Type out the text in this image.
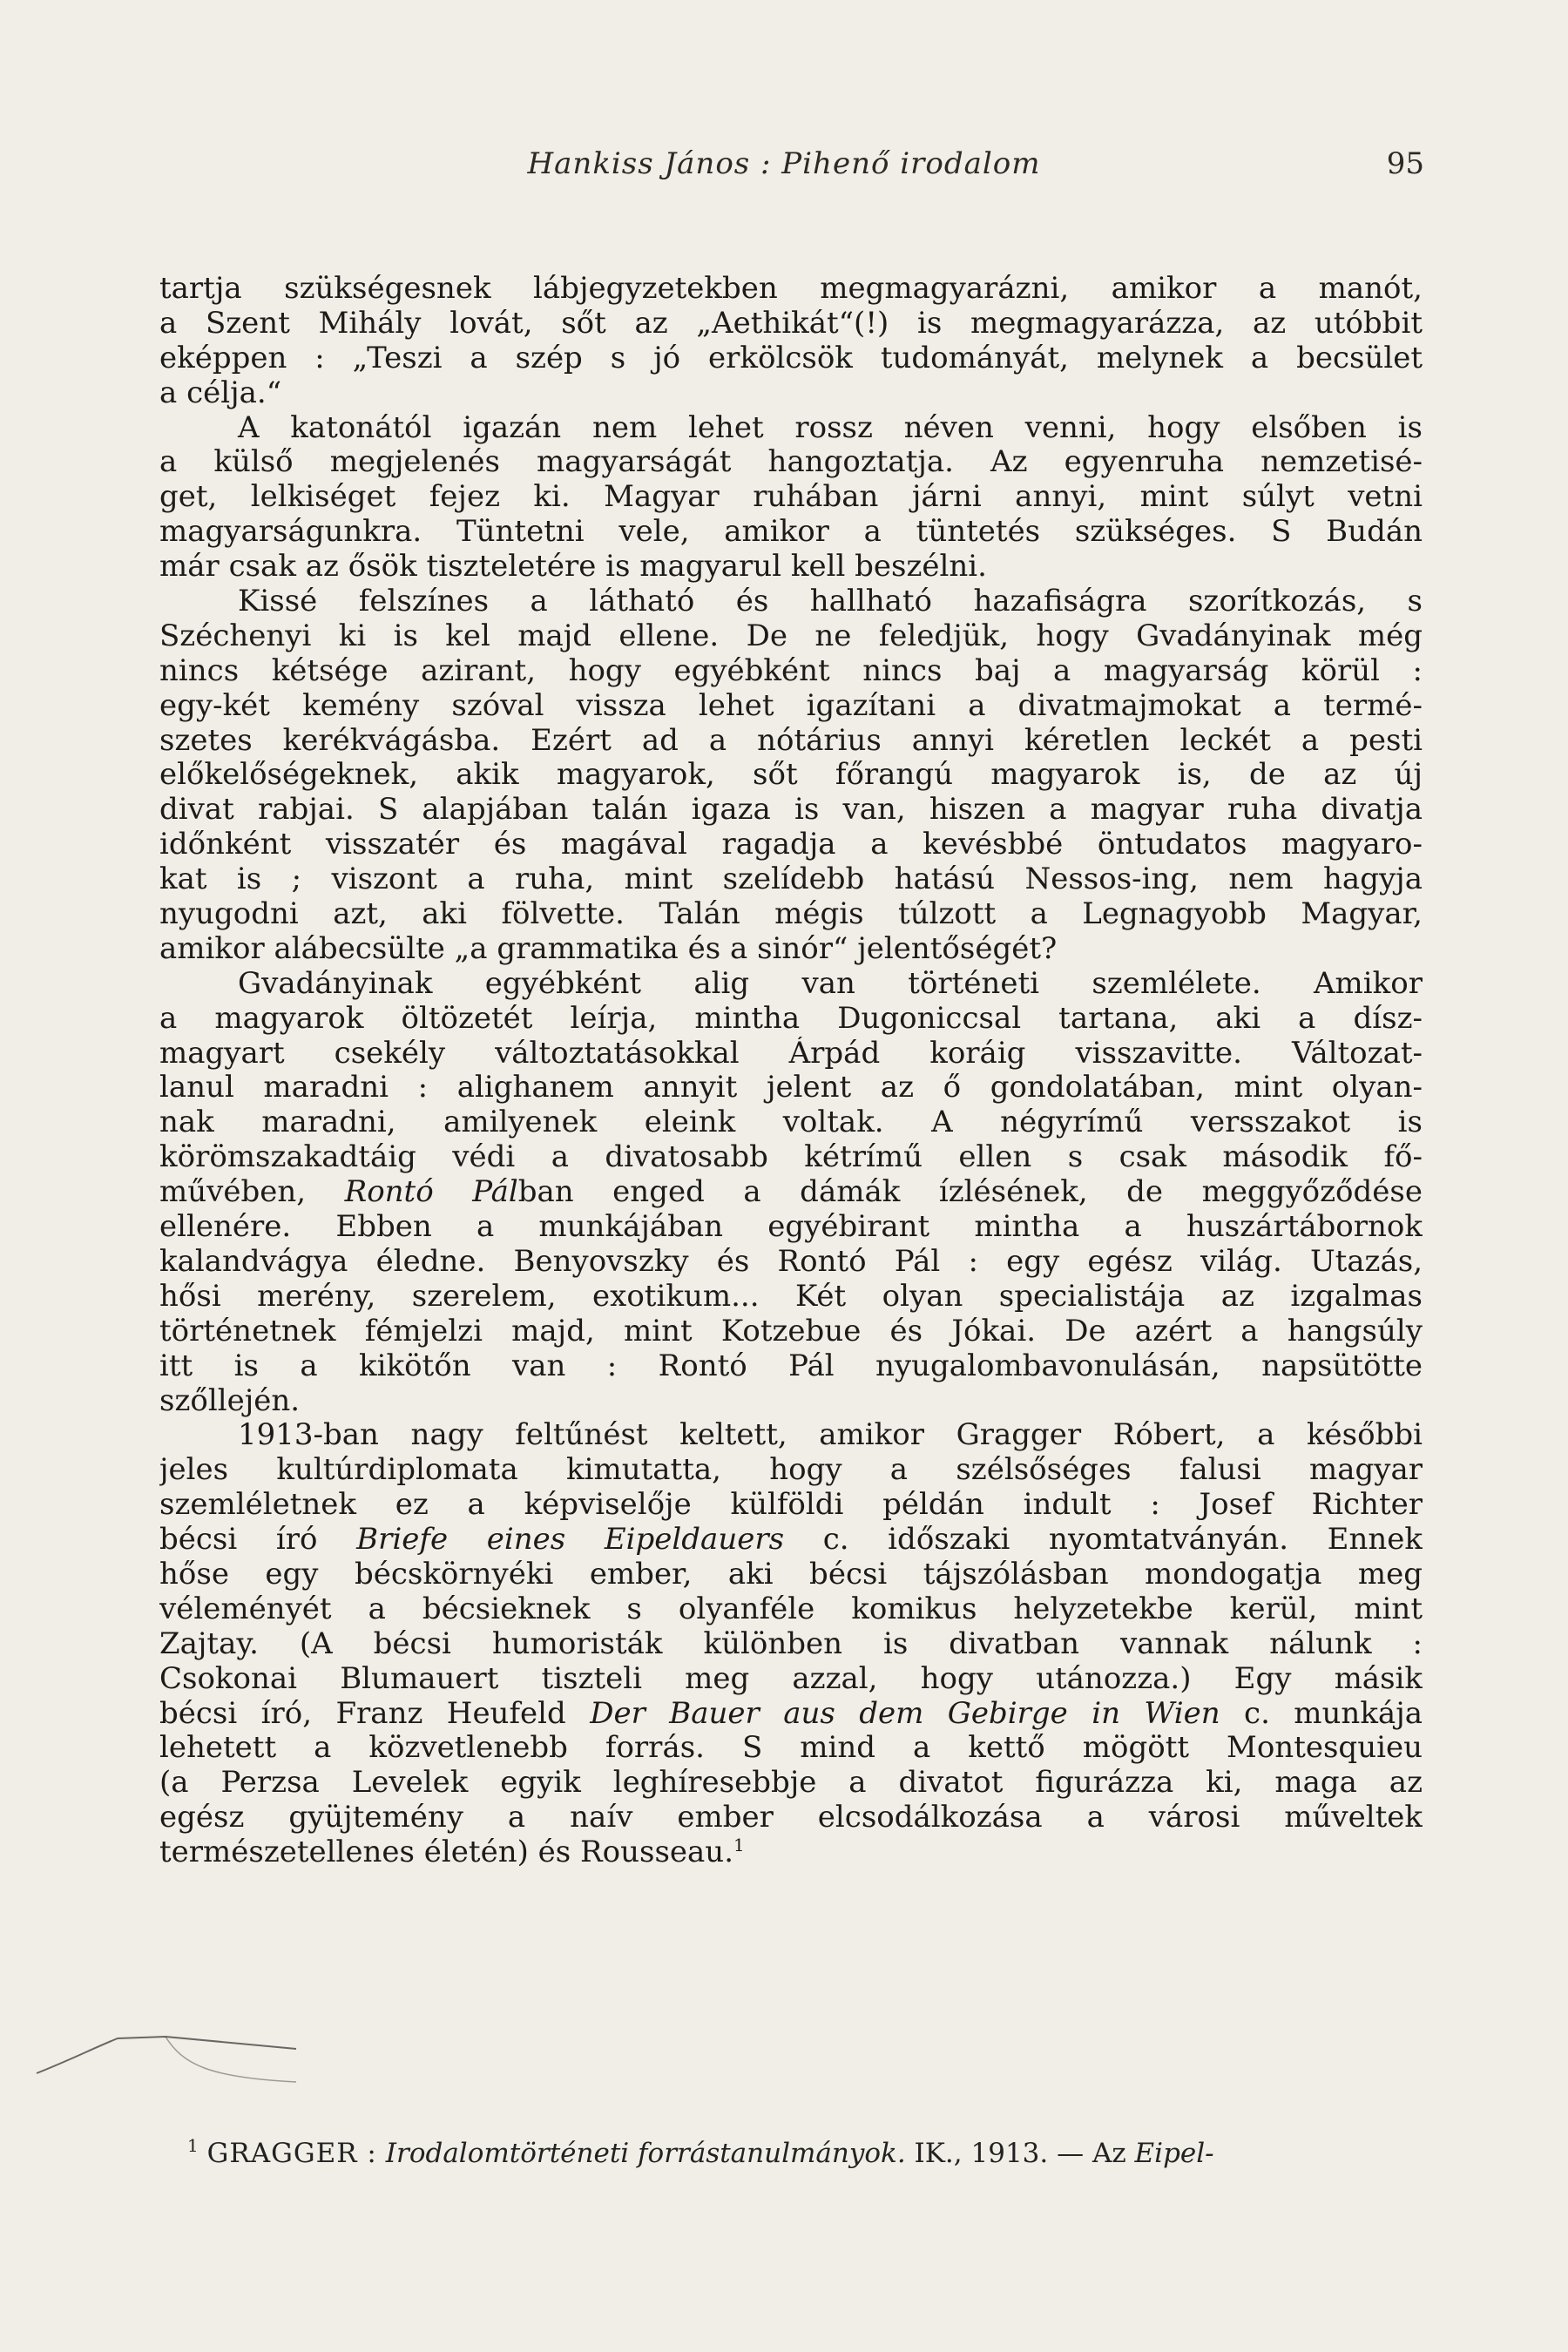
Hankiss János : Pihenő irodalom	95
tartja szükségesnek lábjegyzetekben megmagyarázni, amikor a manót,
a Szent Mihály lovát, sőt az „Aethikát“(!) is megmagyarázza, az utóbbit
eképpen : „Teszi a szép s jó erkölcsök tudományát, melynek a becsület
a célja.“
A katonától igazán nem lehet rossz néven venni, hogy elsőben is
a külső megjelenés magyarságát hangoztatja. Az egyenruha nemzetisé-
get, lelkiséget fejez ki. Magyar ruhában járni annyi, mint súlyt vetni
magyarságunkra. Tüntetni vele, amikor a tüntetés szükséges. S Budán
már csak az ősök tiszteletére is magyarul kell beszélni.
Kissé felszínes a látható és hallható hazafiságra szorítkozás, s
Széchenyi ki is kel majd ellene. De ne feledjük, hogy Gvadányinak még
nincs kétsége azirant, hogy egyébként nincs baj a magyarság körül :
egy-két kemény szóval vissza lehet igazítani a divatmajmokat a termé-
szetes kerékvágásba. Ezért ad a nótárius annyi kéretlen leckét a pesti
előkelőségeknek, akik magyarok, sőt főrangú magyarok is, de az új
divat rabjai. S alapjában talán igaza is van, hiszen a magyar ruha divatja
időnként visszatér és magával ragadja a kevésbbé öntudatos magyaro-
kat is ; viszont a ruha, mint szelídebb hatású Nessos-ing, nem hagyja
nyugodni azt, aki fölvette. Talán mégis túlzott a Legnagyobb Magyar,
amikor alábecsülte „a grammatika és a sinór“ jelentőségét?
Gvadányinak egyébként alig van történeti szemlélete. Amikor
a magyarok öltözetét leírja, mintha Dugoniccsal tartana, aki a dísz-
magyart csekély változtatásokkal Árpád koráig visszavitte. Változat-
lanul maradni : alighanem annyit jelent az ő gondolatában, mint olyan-
nak maradni, amilyenek eleink voltak. A négyrímű versszakot is
körömszakadtáig védi a divatosabb kétrímű ellen s csak második fő-
művében, Rontó Pálban enged a dámák ízlésének, de meggyőződése
ellenére. Ebben a munkájában egyébirant mintha a huszártábornok
kalandvágya éledne. Benyovszky és Rontó Pál : egy egész világ. Utazás,
hősi merény, szerelem, exotikum... Két olyan specialistája az izgalmas
történetnek fémjelzi majd, mint Kotzebue és Jókai. De azért a hangsúly
itt is a kikötőn van : Rontó Pál nyugalombavonulásán, napsütötte
szőllején.
1913-ban nagy feltűnést keltett, amikor Gragger Róbert, a későbbi
jeles kultúrdiplomata kimutatta, hogy a szélsőséges falusi magyar
szemléletnek ez a képviselője külföldi példán indult : Josef Richter
bécsi író Briefe eines Eipeldauers c. időszaki nyomtatványán. Ennek
hőse egy bécskörnyéki ember, aki bécsi tájszólásban mondogatja meg
véleményét a bécsieknek s olyanféle komikus helyzetekbe kerül, mint
Zajtay. (A bécsi humoristák különben is divatban vannak nálunk :
Csokonai Blumauert tiszteli meg azzal, hogy utánozza.) Egy másik
bécsi író, Franz Heufeld Der Bauer aus dem Gebirge in Wien c. munkája
lehetett a közvetlenebb forrás. S mind a kettő mögött Montesquieu
(a Perzsa Levelek egyik leghíresebbje a divatot figurázza ki, maga az
egész gyüjtemény a naív ember elcsodálkozása a városi műveltek
természetellenes életén) és Rousseau.$^1$
$^1$ GRAGGER : Irodalomtörténeti forrástanulmányok. IK., 1913. — Az Eipel-
